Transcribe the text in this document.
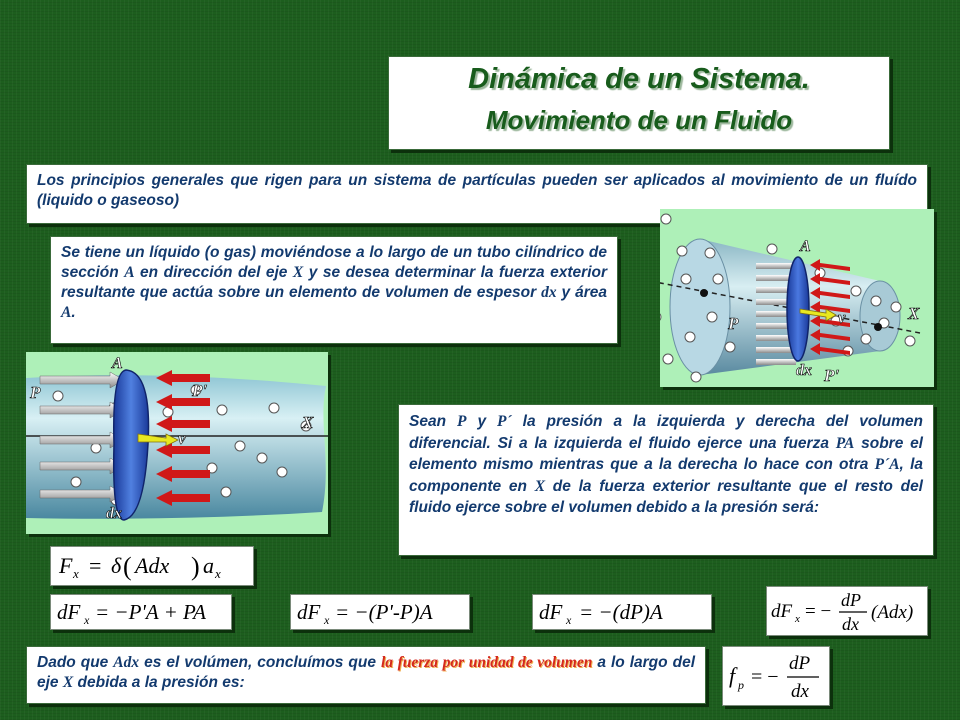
Dinámica de un Sistema.
Movimiento de un Fluido
Los principios generales que rigen para un sistema de partículas pueden ser aplicados al movimiento de un fluído (liquido o gaseoso)
A
X
v
P
dx P'
Se tiene un líquido (o gas) moviéndose a lo largo de un tubo cilíndrico de sección A en dirección del eje X y se desea determinar la fuerza exterior resultante que actúa sobre un elemento de volumen de espesor dx y área A.
A
P	P'
X
v
dx
Sean P y P´ la presión a la izquierda y derecha del volumen diferencial. Si a la izquierda el fluido ejerce una fuerza PA sobre el elemento mismo mientras que a la derecha lo hace con otra P´A, la componente en X de la fuerza exterior resultante que el resto del fluido ejerce sobre el volumen debido a la presión será:
F x = δ ( Adx ) a x
dF x = −P'A + PA	dF x = −(P'-P)A	dF x = −(dP)A	dF x = −
dP
dx
(Adx)
Dado que Adx es el volúmen, concluímos que la fuerza por unidad de volumen a lo largo del eje X debida a la presión es:	f p = −
dP
dx
